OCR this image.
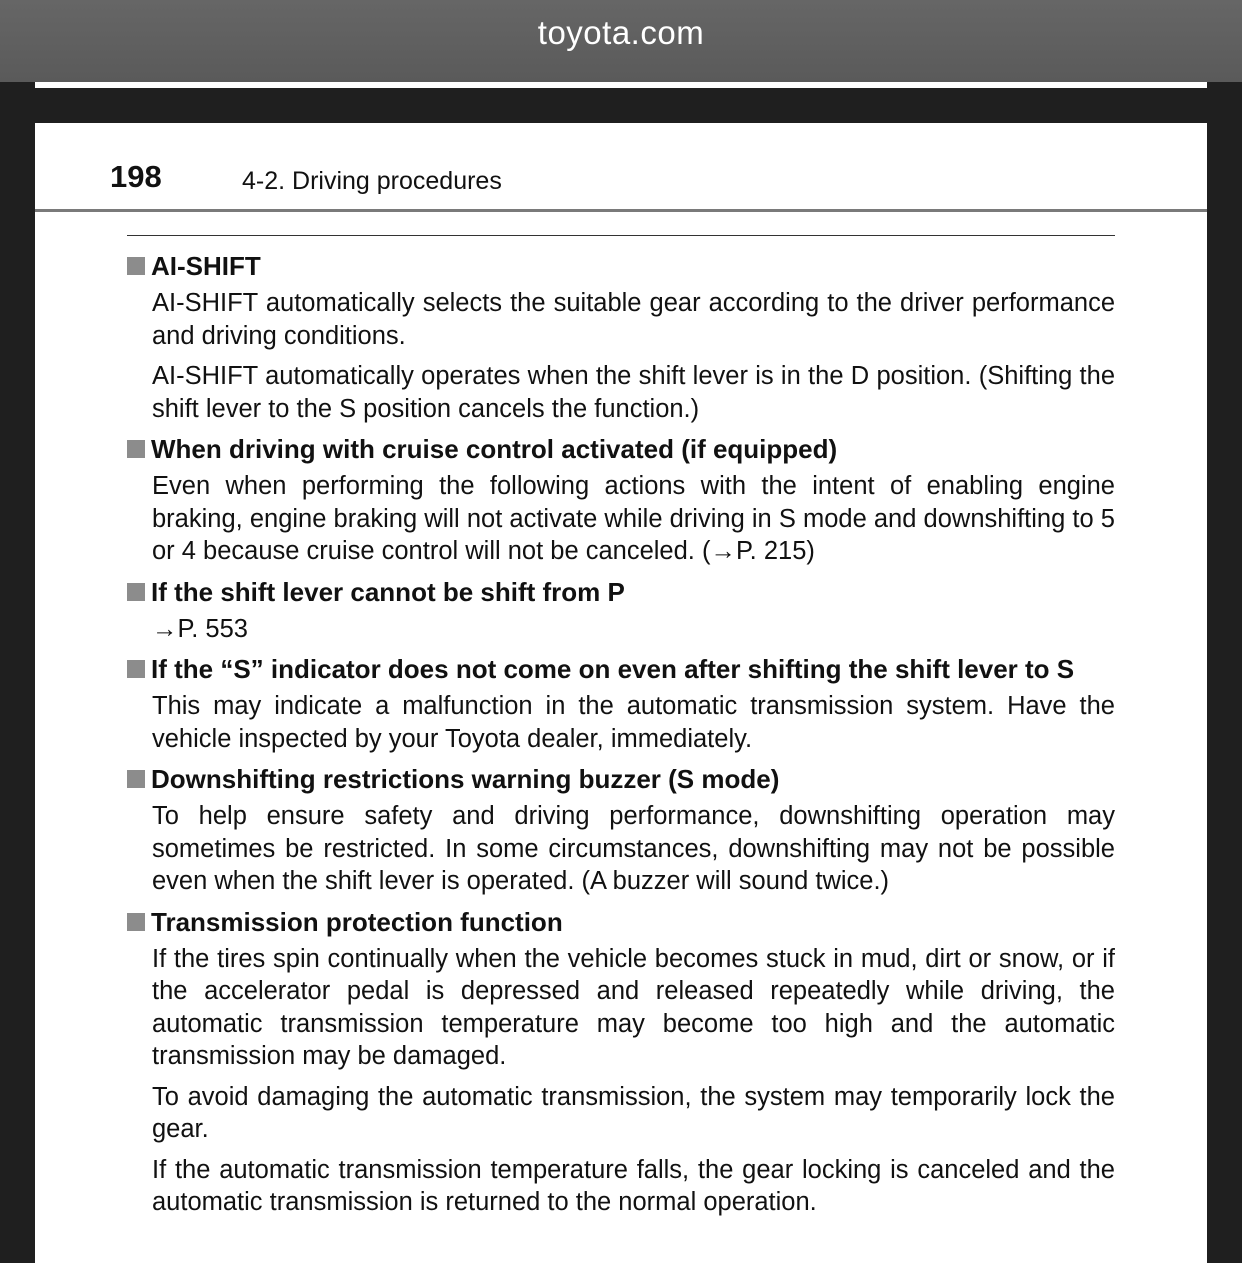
toyota.com
198	4-2. Driving procedures
AI-SHIFT

AI-SHIFT automatically selects the suitable gear according to the driver performance and driving conditions.

AI-SHIFT automatically operates when the shift lever is in the D position. (Shifting the shift lever to the S position cancels the function.)

When driving with cruise control activated (if equipped)

Even when performing the following actions with the intent of enabling engine braking, engine braking will not activate while driving in S mode and downshifting to 5 or 4 because cruise control will not be canceled. (→P. 215)

If the shift lever cannot be shift from P

→P. 553

If the “S” indicator does not come on even after shifting the shift lever to S

This may indicate a malfunction in the automatic transmission system. Have the vehicle inspected by your Toyota dealer, immediately.

Downshifting restrictions warning buzzer (S mode)

To help ensure safety and driving performance, downshifting operation may sometimes be restricted. In some circumstances, downshifting may not be possible even when the shift lever is operated. (A buzzer will sound twice.)

Transmission protection function

If the tires spin continually when the vehicle becomes stuck in mud, dirt or snow, or if the accelerator pedal is depressed and released repeatedly while driving, the automatic transmission temperature may become too high and the automatic transmission may be damaged.

To avoid damaging the automatic transmission, the system may temporarily lock the gear.

If the automatic transmission temperature falls, the gear locking is canceled and the automatic transmission is returned to the normal operation.
